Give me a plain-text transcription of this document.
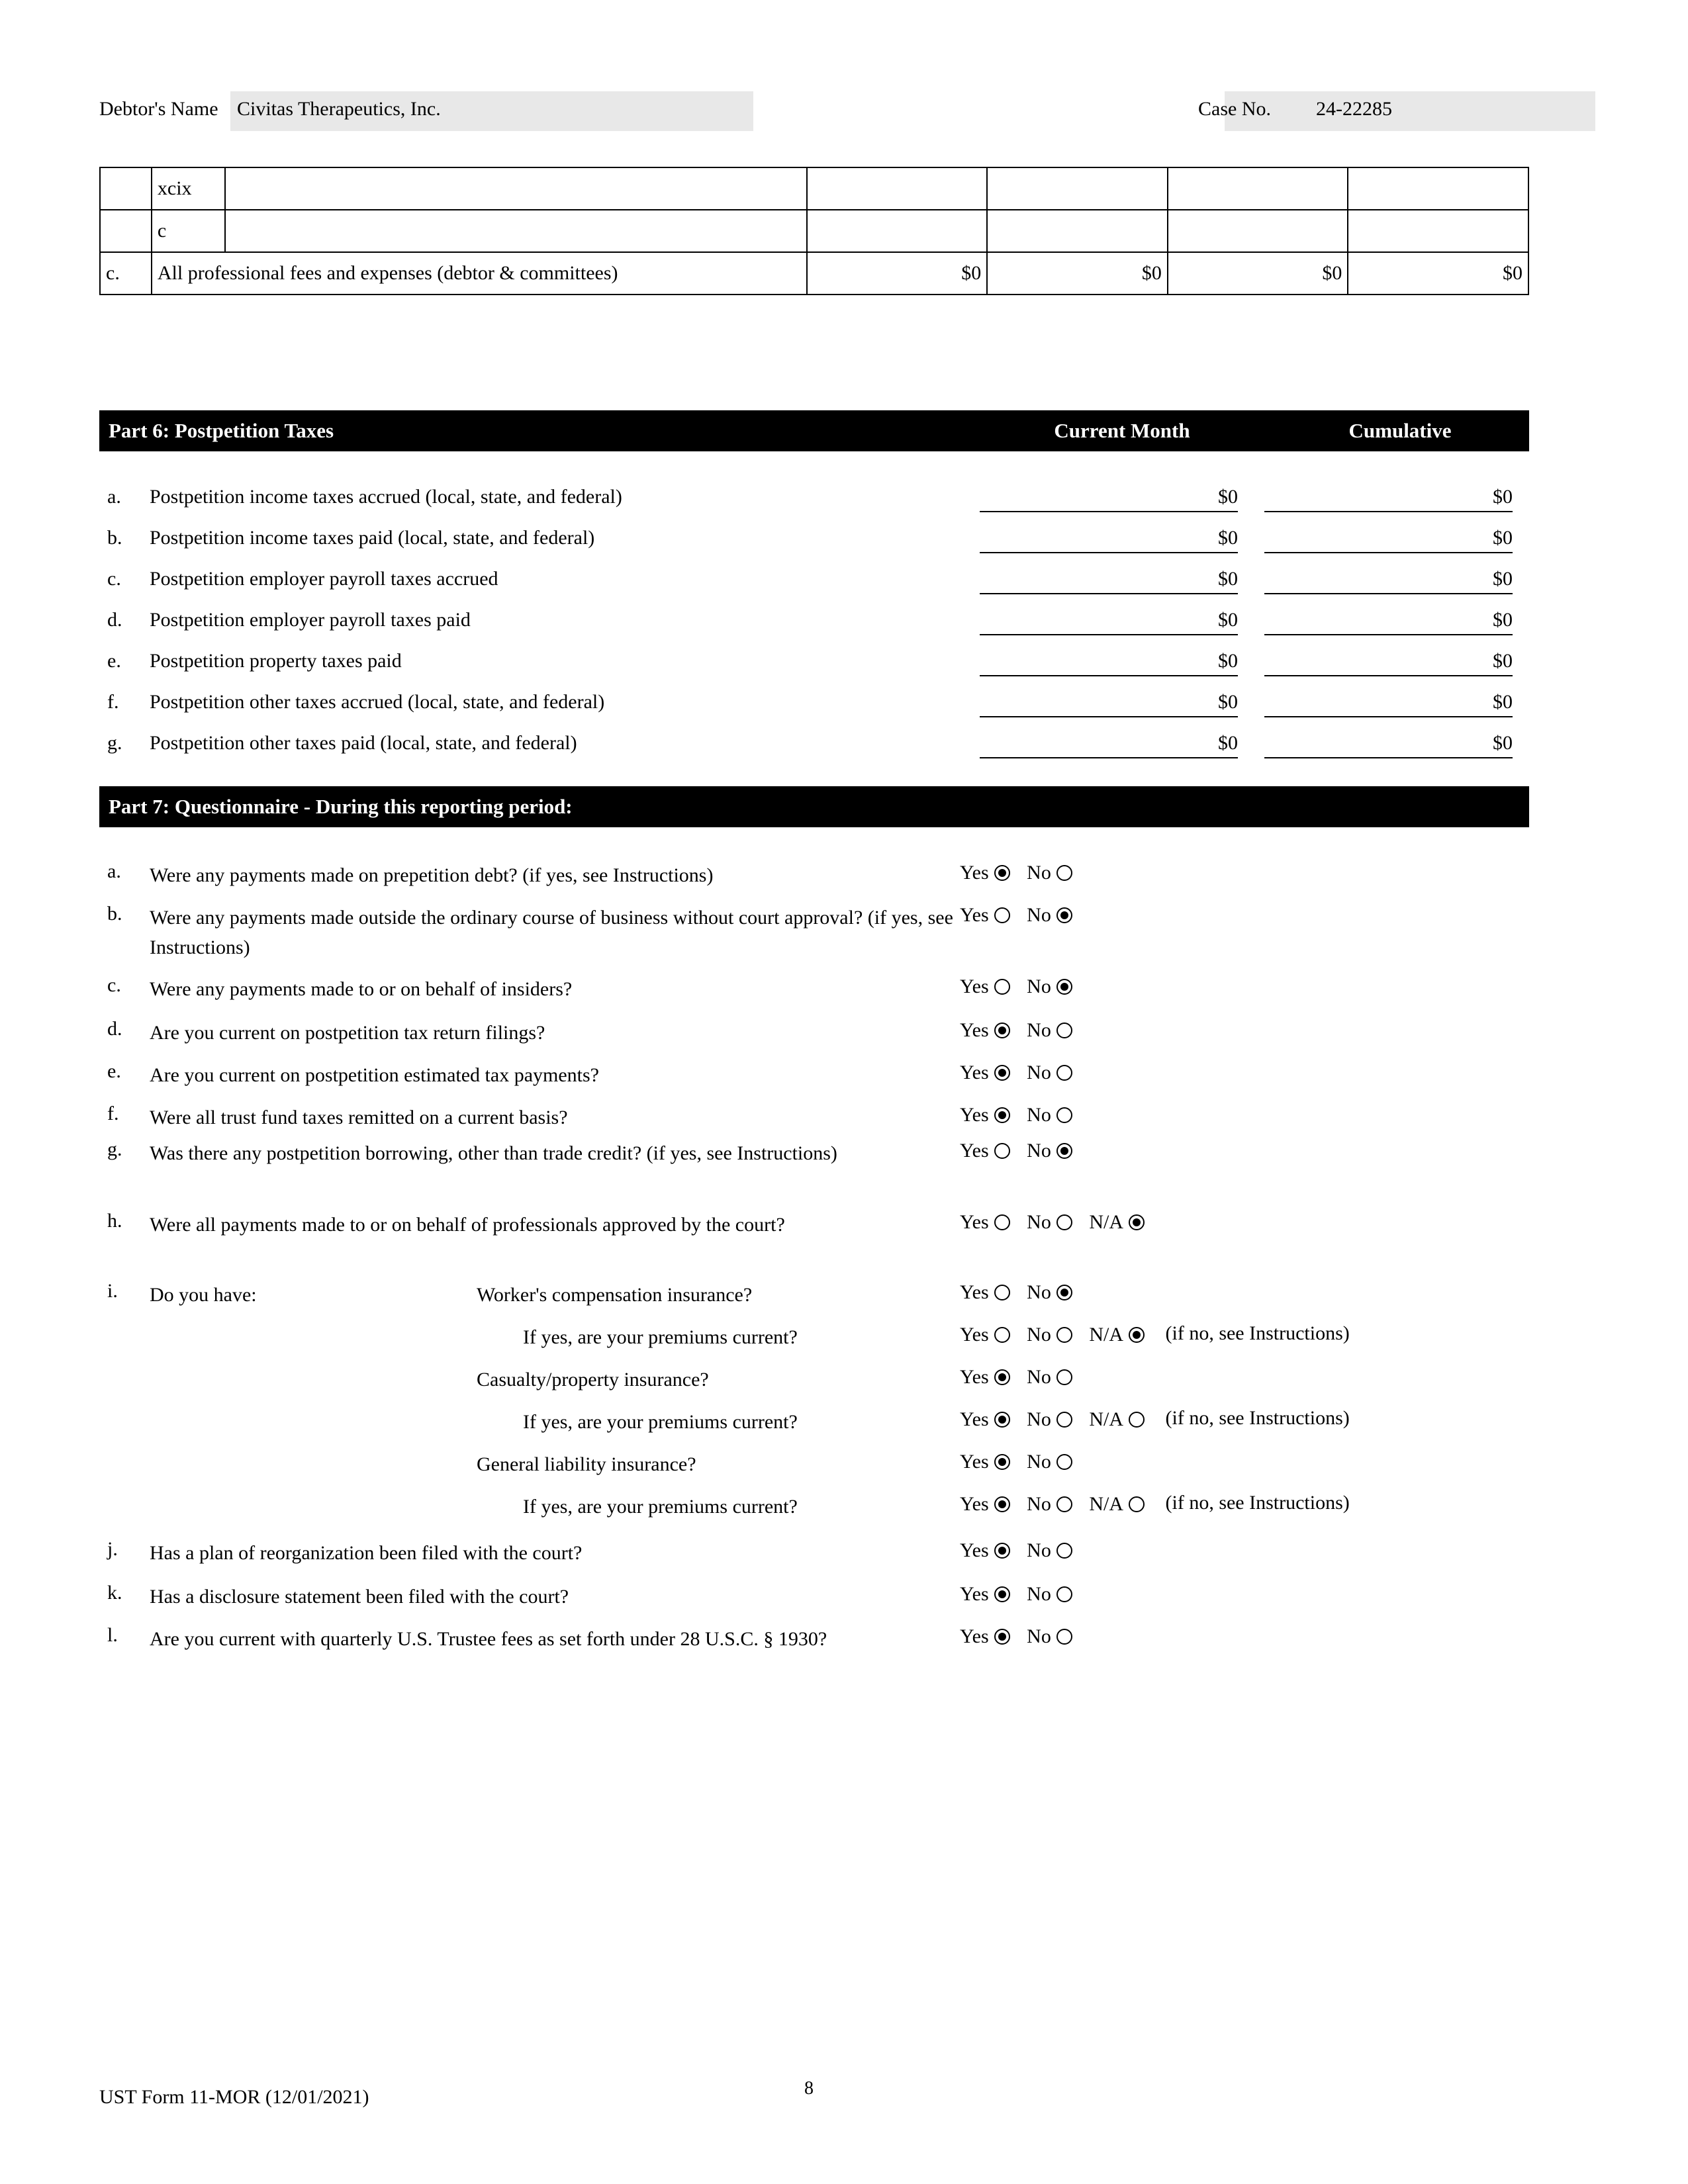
Debtor's Name Civitas Therapeutics, Inc.	Case No. 24-22285
	xcix					
	c					
c.	All professional fees and expenses (debtor & committees)		$0	$0	$0	$0
Part 6: Postpetition Taxes	Current Month	Cumulative
a. Postpetition income taxes accrued (local, state, and federal)	$0	$0
b. Postpetition income taxes paid (local, state, and federal)	$0	$0
c. Postpetition employer payroll taxes accrued	$0	$0
d. Postpetition employer payroll taxes paid	$0	$0
e. Postpetition property taxes paid	$0	$0
f. Postpetition other taxes accrued (local, state, and federal)	$0	$0
g. Postpetition other taxes paid (local, state, and federal)	$0	$0
Part 7: Questionnaire - During this reporting period:
a. Were any payments made on prepetition debt? (if yes, see Instructions)	Yes No
b. Were any payments made outside the ordinary course of business without court approval? (if yes, see Instructions)
Yes No
c. Were any payments made to or on behalf of insiders?	Yes No
d. Are you current on postpetition tax return filings?	Yes No
e. Are you current on postpetition estimated tax payments?	Yes No
f. Were all trust fund taxes remitted on a current basis?	Yes No
g. Was there any postpetition borrowing, other than trade credit? (if yes, see Instructions)	Yes No
h. Were all payments made to or on behalf of professionals approved by the court?	Yes No N/A
i. Do you have:	Worker's compensation insurance?	Yes No
If yes, are your premiums current?	Yes No N/A (if no, see Instructions)
Casualty/property insurance?	Yes No
If yes, are your premiums current?	Yes No N/A (if no, see Instructions)
General liability insurance?	Yes No
If yes, are your premiums current?	Yes No N/A (if no, see Instructions)
j. Has a plan of reorganization been filed with the court?	Yes No
k. Has a disclosure statement been filed with the court?	Yes No
l. Are you current with quarterly U.S. Trustee fees as set forth under 28 U.S.C. § 1930?	Yes No
UST Form 11-MOR (12/01/2021)	8
